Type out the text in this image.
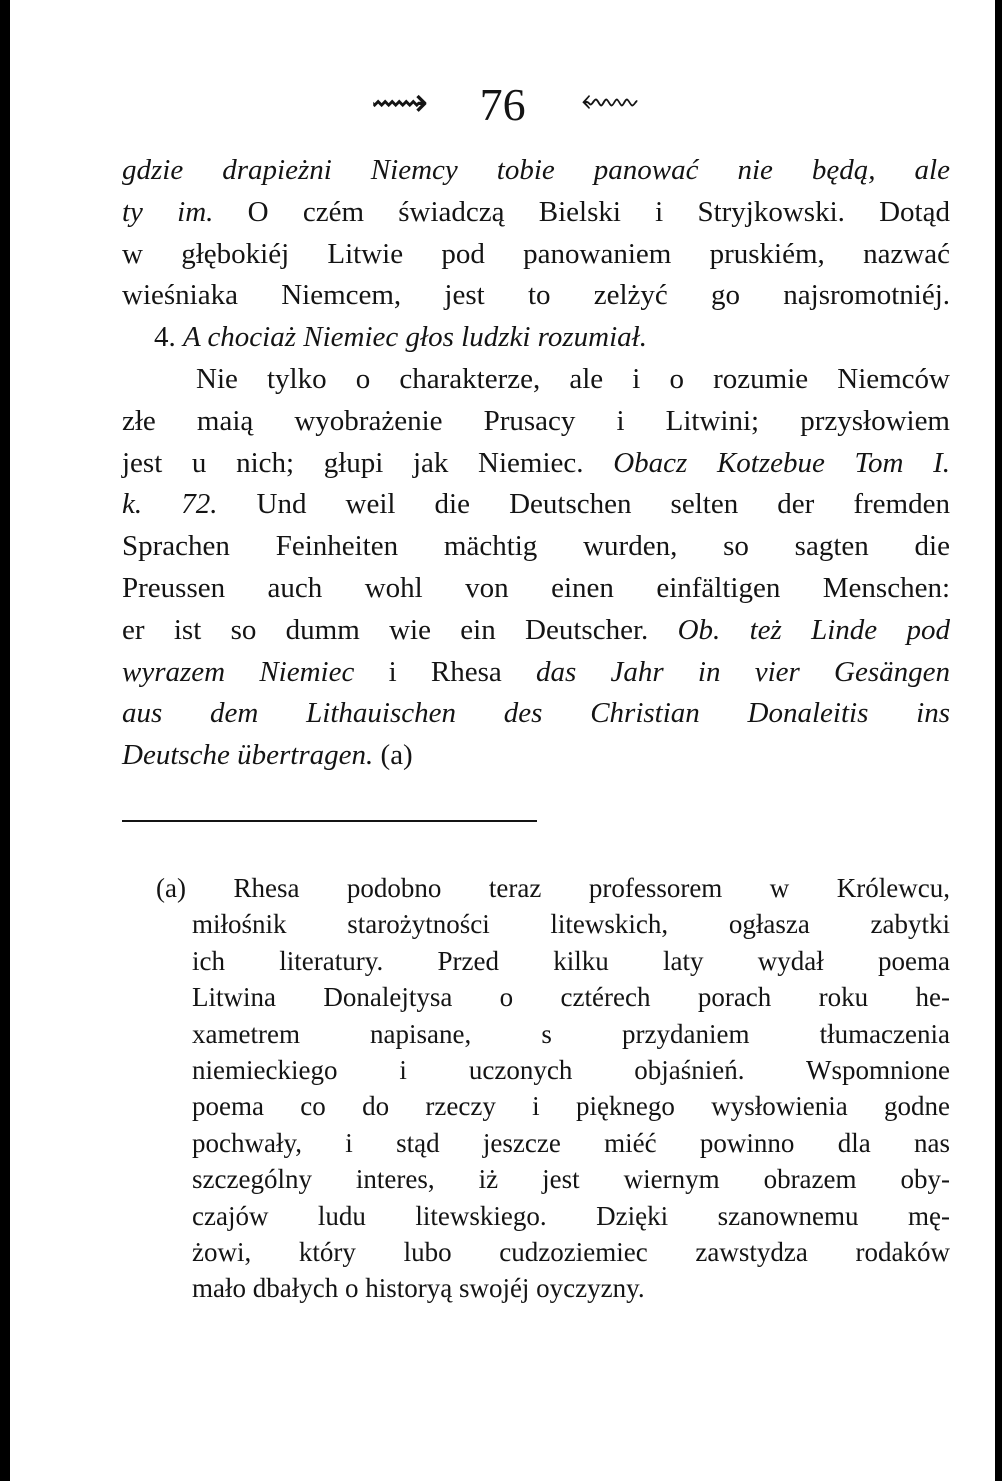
⟿ 76 ⬳
gdzie drapieżni Niemcy tobie panować nie będą, ale
ty im. O czém świadczą Bielski i Stryjkowski. Dotąd
w głębokiéj Litwie pod panowaniem pruskiém, nazwać
wieśniaka Niemcem, jest to zelżyć go najsromotniéj.
4. A chociaż Niemiec głos ludzki rozumiał.
Nie tylko o charakterze, ale i o rozumie Niemców
złe maią wyobrażenie Prusacy i Litwini; przysłowiem
jest u nich; głupi jak Niemiec. Obacz Kotzebue Tom I.
k. 72. Und weil die Deutschen selten der fremden
Sprachen Feinheiten mächtig wurden, so sagten die
Preussen auch wohl von einen einfältigen Menschen:
er ist so dumm wie ein Deutscher. Ob. też Linde pod
wyrazem Niemiec i Rhesa das Jahr in vier Gesängen
aus dem Lithauischen des Christian Donaleitis ins
Deutsche übertragen. (a)
(a) Rhesa podobno teraz professorem w Królewcu,
miłośnik starożytności litewskich, ogłasza zabytki
ich literatury. Przed kilku laty wydał poema
Litwina Donalejtysa o cztérech porach roku he-
xametrem napisane, s przydaniem tłumaczenia
niemieckiego i uczonych objaśnień. Wspomnione
poema co do rzeczy i pięknego wysłowienia godne
pochwały, i stąd jeszcze miéć powinno dla nas
szczególny interes, iż jest wiernym obrazem oby-
czajów ludu litewskiego. Dzięki szanownemu mę-
żowi, który lubo cudzoziemiec zawstydza rodaków
mało dbałych o historyą swojéj oyczyzny.
